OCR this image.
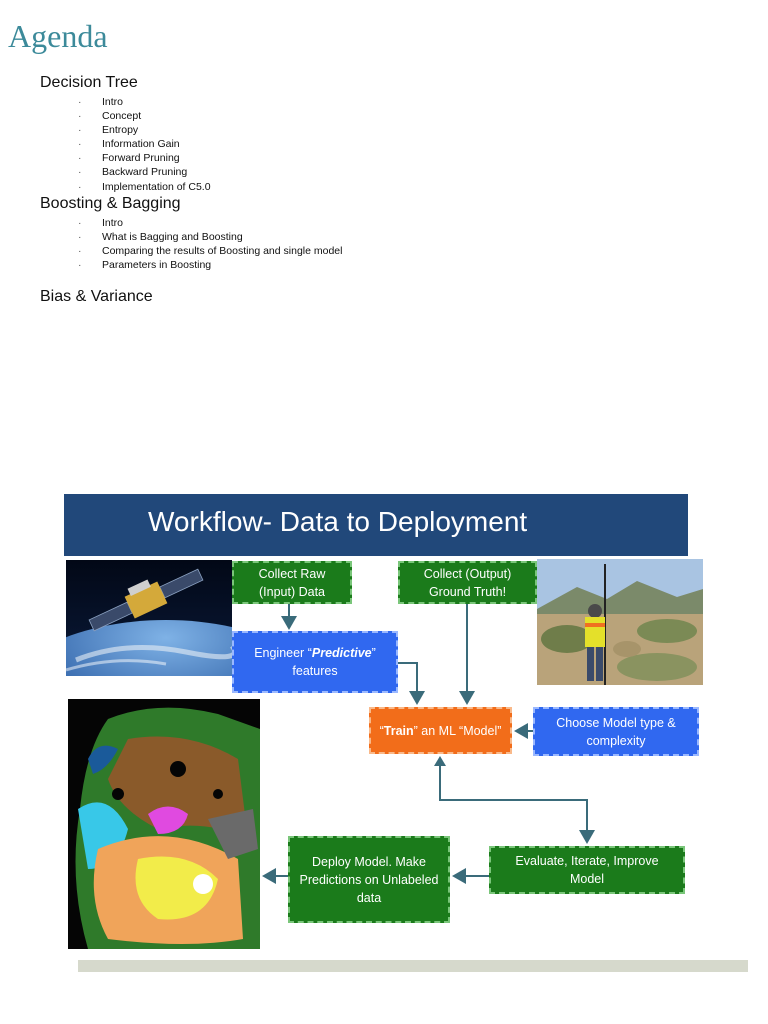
Agenda
Decision Tree
· Intro
· Concept
· Entropy
· Information Gain
· Forward Pruning
· Backward Pruning
· Implementation of C5.0
Boosting & Bagging
· Intro
· What is Bagging and Boosting
· Comparing the results of Boosting and single model
· Parameters in Boosting
Bias & Variance
Workflow- Data to Deployment
Collect Raw (Input) Data
Collect (Output) Ground Truth!
Engineer “Predictive” features
“Train” an ML “Model”
Choose Model type & complexity
Evaluate, Iterate, Improve Model
Deploy Model. Make Predictions on Unlabeled data
